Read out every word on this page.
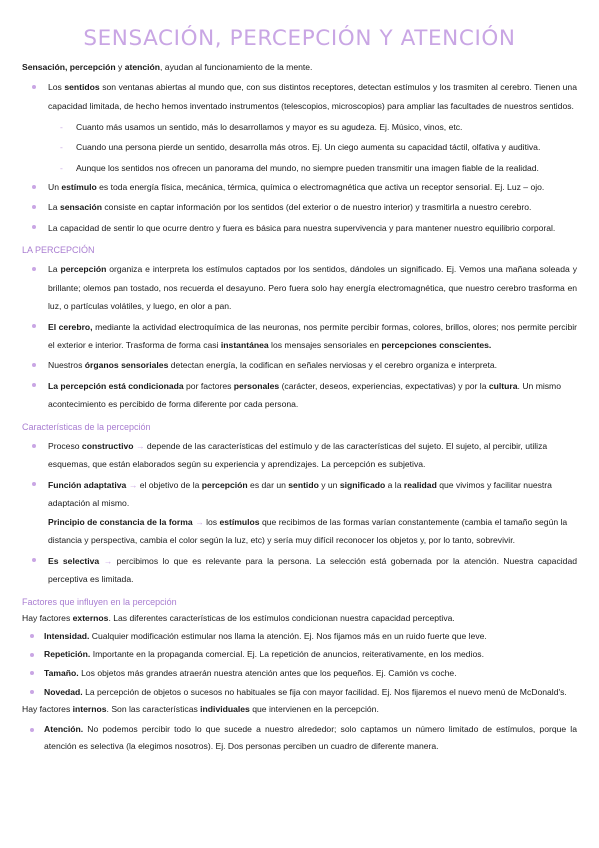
SENSACIÓN, PERCEPCIÓN Y ATENCIÓN
Sensación, percepción y atención, ayudan al funcionamiento de la mente.
Los sentidos son ventanas abiertas al mundo que, con sus distintos receptores, detectan estímulos y los trasmiten al cerebro. Tienen una capacidad limitada, de hecho hemos inventado instrumentos (telescopios, microscopios) para ampliar las facultades de nuestros sentidos.
- Cuanto más usamos un sentido, más lo desarrollamos y mayor es su agudeza. Ej. Músico, vinos, etc.
- Cuando una persona pierde un sentido, desarrolla más otros. Ej. Un ciego aumenta su capacidad táctil, olfativa y auditiva.
- Aunque los sentidos nos ofrecen un panorama del mundo, no siempre pueden transmitir una imagen fiable de la realidad.
Un estímulo es toda energía física, mecánica, térmica, química o electromagnética que activa un receptor sensorial. Ej. Luz – ojo.
La sensación consiste en captar información por los sentidos (del exterior o de nuestro interior) y trasmitirla a nuestro cerebro.
La capacidad de sentir lo que ocurre dentro y fuera es básica para nuestra supervivencia y para mantener nuestro equilibrio corporal.
LA PERCEPCIÓN
La percepción organiza e interpreta los estímulos captados por los sentidos, dándoles un significado. Ej. Vemos una mañana soleada y brillante; olemos pan tostado, nos recuerda el desayuno. Pero fuera solo hay energía electromagnética, que nuestro cerebro trasforma en luz, o partículas volátiles, y luego, en olor a pan.
El cerebro, mediante la actividad electroquímica de las neuronas, nos permite percibir formas, colores, brillos, olores; nos permite percibir el exterior e interior. Trasforma de forma casi instantánea los mensajes sensoriales en percepciones conscientes.
Nuestros órganos sensoriales detectan energía, la codifican en señales nerviosas y el cerebro organiza e interpreta.
La percepción está condicionada por factores personales (carácter, deseos, experiencias, expectativas) y por la cultura. Un mismo acontecimiento es percibido de forma diferente por cada persona.
Características de la percepción
Proceso constructivo → depende de las características del estímulo y de las características del sujeto. El sujeto, al percibir, utiliza esquemas, que están elaborados según su experiencia y aprendizajes. La percepción es subjetiva.
Función adaptativa → el objetivo de la percepción es dar un sentido y un significado a la realidad que vivimos y facilitar nuestra adaptación al mismo.
Principio de constancia de la forma → los estímulos que recibimos de las formas varían constantemente (cambia el tamaño según la distancia y perspectiva, cambia el color según la luz, etc) y sería muy difícil reconocer los objetos y, por lo tanto, sobrevivir.
Es selectiva → percibimos lo que es relevante para la persona. La selección está gobernada por la atención. Nuestra capacidad perceptiva es limitada.
Factores que influyen en la percepción
Hay factores externos. Las diferentes características de los estímulos condicionan nuestra capacidad perceptiva.
Intensidad. Cualquier modificación estimular nos llama la atención. Ej. Nos fijamos más en un ruido fuerte que leve.
Repetición. Importante en la propaganda comercial. Ej. La repetición de anuncios, reiterativamente, en los medios.
Tamaño. Los objetos más grandes atraerán nuestra atención antes que los pequeños. Ej. Camión vs coche.
Novedad. La percepción de objetos o sucesos no habituales se fija con mayor facilidad. Ej. Nos fijaremos el nuevo menú de McDonald's.
Hay factores internos. Son las características individuales que intervienen en la percepción.
Atención. No podemos percibir todo lo que sucede a nuestro alrededor; solo captamos un número limitado de estímulos, porque la atención es selectiva (la elegimos nosotros). Ej. Dos personas perciben un cuadro de diferente manera.
